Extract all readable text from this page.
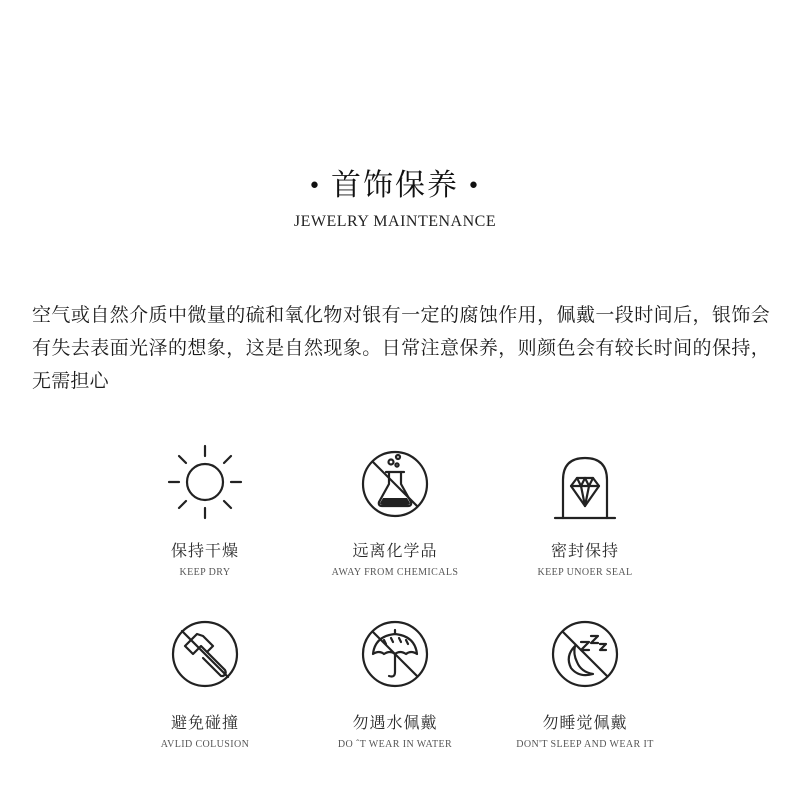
• 首饰保养 •
JEWELRY MAINTENANCE
空气或自然介质中微量的硫和氧化物对银有一定的腐蚀作用，佩戴一段时间后，银饰会有失去表面光泽的想象，这是自然现象。日常注意保养，则颜色会有较长时间的保持，无需担心
保持干燥
KEEP DRY
远离化学品
AWAY FROM CHEMICALS
密封保持
KEEP UNOER SEAL
避免碰撞
AVLID COLUSION
勿遇水佩戴
DO ˆT WEAR IN WATER
勿睡觉佩戴
DON'T SLEEP AND WEAR IT
